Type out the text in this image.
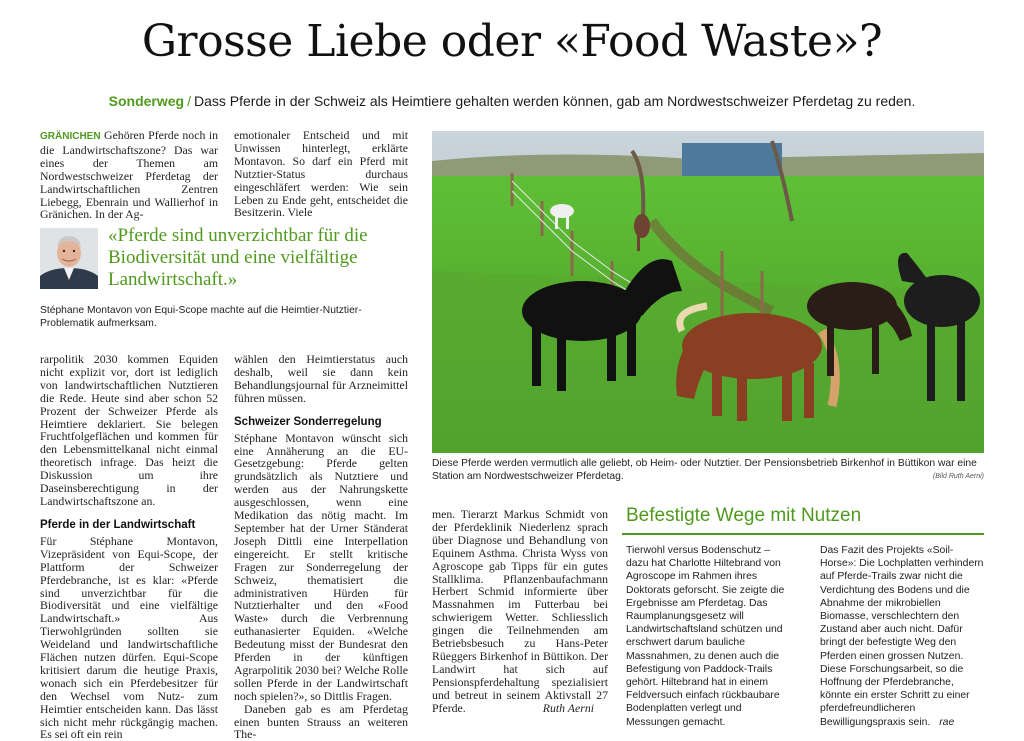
Grosse Liebe oder «Food Waste»?
Sonderweg / Dass Pferde in der Schweiz als Heimtiere gehalten werden können, gab am Nordwestschweizer Pferdetag zu reden.
GRÄNICHEN Gehören Pferde noch in die Landwirtschaftszone? Das war eines der Themen am Nordwestschweizer Pferdetag der Landwirtschaftlichen Zentren Liebegg, Ebenrain und Wallierhof in Gränichen. In der Ag-
emotionaler Entscheid und mit Unwissen hinterlegt, erklärte Montavon. So darf ein Pferd mit Nutztier-Status durchaus eingeschläfert werden: Wie sein Leben zu Ende geht, entscheidet die Besitzerin. Viele
«Pferde sind unverzichtbar für die Biodiversität und eine vielfältige Landwirtschaft.»
Stéphane Montavon von Equi-Scope machte auf die Heimtier-Nutztier-Problematik aufmerksam.

rarpolitik 2030 kommen Equiden nicht explizit vor, dort ist lediglich von landwirtschaftlichen Nutztieren die Rede. Heute sind aber schon 52 Prozent der Schweizer Pferde als Heimtiere deklariert. Sie belegen Fruchtfolgeflächen und kommen für den Lebensmittelkanal nicht einmal theoretisch infrage. Das heizt die Diskussion um ihre Daseinsberechtigung in der Landwirtschaftszone an.

Pferde in der Landwirtschaft

Für Stéphane Montavon, Vizepräsident von Equi-Scope, der Plattform der Schweizer Pferdebranche, ist es klar: «Pferde sind unverzichtbar für die Biodiversität und eine vielfältige Landwirtschaft.» Aus Tierwohlgründen sollten sie Weideland und landwirtschaftliche Flächen nutzen dürfen. Equi-Scope kritisiert darum die heutige Praxis, wonach sich ein Pferdebesitzer für den Wechsel vom Nutz- zum Heimtier entscheiden kann. Das lässt sich nicht mehr rückgängig machen. Es sei oft ein rein

wählen den Heimtierstatus auch deshalb, weil sie dann kein Behandlungsjournal für Arzneimittel führen müssen.

Schweizer Sonderregelung

Stéphane Montavon wünscht sich eine Annäherung an die EU-Gesetzgebung: Pferde gelten grundsätzlich als Nutztiere und werden aus der Nahrungskette ausgeschlossen, wenn eine Medikation das nötig macht. Im September hat der Urner Ständerat Joseph Dittli eine Interpellation eingereicht. Er stellt kritische Fragen zur Sonderregelung der Schweiz, thematisiert die administrativen Hürden für Nutztierhalter und den «Food Waste» durch die Verbrennung euthanasierter Equiden. «Welche Bedeutung misst der Bundesrat den Pferden in der künftigen Agrarpolitik 2030 bei? Welche Rolle sollen Pferde in der Landwirtschaft noch spielen?», so Dittlis Fragen.

Daneben gab es am Pferdetag einen bunten Strauss an weiteren The-

Diese Pferde werden vermutlich alle geliebt, ob Heim- oder Nutztier. Der Pensionsbetrieb Birkenhof in Büttikon war eine Station am Nordwestschweizer Pferdetag.	(Bild Ruth Aerni)
men. Tierarzt Markus Schmidt von der Pferdeklinik Niederlenz sprach über Diagnose und Behandlung von Equinem Asthma. Christa Wyss von Agroscope gab Tipps für ein gutes Stallklima. Pflanzenbaufachmann Herbert Schmid informierte über Massnahmen im Futterbau bei schwierigem Wetter. Schliesslich gingen die Teilnehmenden am Betriebsbesuch zu Hans-Peter Rüeggers Birkenhof in Büttikon. Der Landwirt hat sich auf Pensionspferdehaltung spezialisiert und betreut in seinem Aktivstall 27 Pferde.	Ruth Aerni
Befestigte Wege mit Nutzen
Tierwohl versus Bodenschutz – dazu hat Charlotte Hiltebrand von Agroscope im Rahmen ihres Doktorats geforscht. Sie zeigte die Ergebnisse am Pferdetag. Das Raumplanungsgesetz will Landwirtschaftsland schützen und erschwert darum bauliche Massnahmen, zu denen auch die Befestigung von Paddock-Trails gehört. Hiltebrand hat in einem Feldversuch einfach rückbaubare Bodenplatten verlegt und Messungen gemacht.
Das Fazit des Projekts «Soil-Horse»: Die Lochplatten verhindern auf Pferde-Trails zwar nicht die Verdichtung des Bodens und die Abnahme der mikrobiellen Biomasse, verschlechtern den Zustand aber auch nicht. Dafür bringt der befestigte Weg den Pferden einen grossen Nutzen. Diese Forschungsarbeit, so die Hoffnung der Pferdebranche, könnte ein erster Schritt zu einer pferdefreundlicheren Bewilligungspraxis sein. rae
